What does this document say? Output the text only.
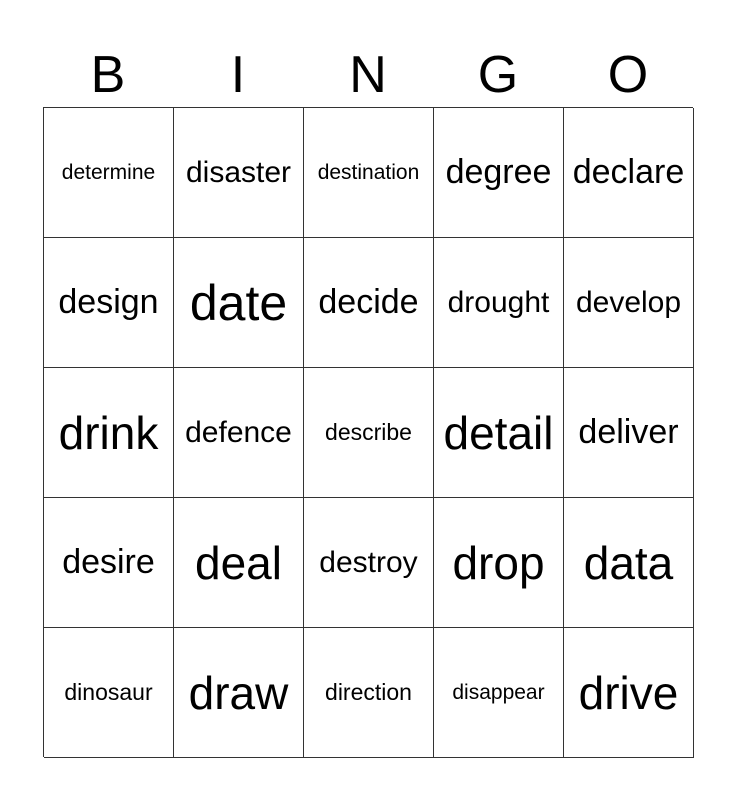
B	I	N	G	O
determine	disaster	destination degree declare
design date decide drought develop
drink defence	describe detail deliver
desire deal	destroy drop data
dinosaur draw	direction	disappear drive
